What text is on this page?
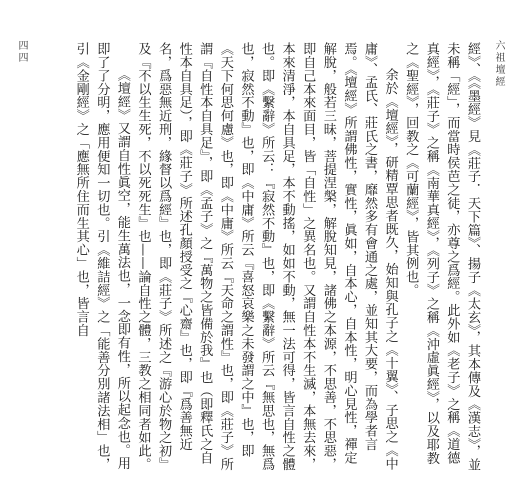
六祖壇經
四四	經》、《《墨經》見《莊子．天下篇》、揚子《太玄》，其本傳及《漢志》，並未稱「經」，而當時侯芭之徒，亦尊之爲經。此外如《老子》之稱《道德真經》，《莊子》之稱《南華真經》，《列子》之稱《沖虛眞經》，以及耶教之《聖經》，回教之《可蘭經》，皆其例也。

余於《壇經》，研精覃思者既久，始知與孔子之《十翼》、子思之《中庸》、孟氏、莊氏之書，靡然多有會通之處，並知其大要，而為學者言焉。《壇經》所謂佛性，實性，眞如，自本心，自本性，明心見性，禪定解脫，般若三昧，菩提涅槃，解脫知見，諸佛之本源，不思善，不思惡，即自己本來面目，皆「自性」之異名也。又謂自性本不生滅，本無去來，本來清淨，本自具足，本不動搖，如如不動，無一法可得，皆言自性之體也。即《繫辭》所云：『寂然不動』也，即《繫辭》所云『無思也，無爲也，寂然不動』也，即《中庸》所云『喜怒哀樂之未發謂之中』也，即《天下何思何慮》也，即《中庸》所云『天命之謂性』也，即《莊子》所謂『自性本自具足』，即《孟子》之『萬物之皆備於我』也（即釋氏之自性本自具足），即《莊子》所述孔顏授受之『心齋』也，即『爲善無近名，爲惡無近刑，緣督以爲經』也，即《莊子》所述之『游心於物之初』及『不以生生死，不以死死生』也——論自性之體，三教之相同者如此。

《壇經》又謂自性眞空，能生萬法也，一念即有性，所以起念也。用即了了分明，應用便知一切也。引《維詰經》之「能善分別諸法相」也，引《金剛經》之「應無所住而生其心」也，皆言自
